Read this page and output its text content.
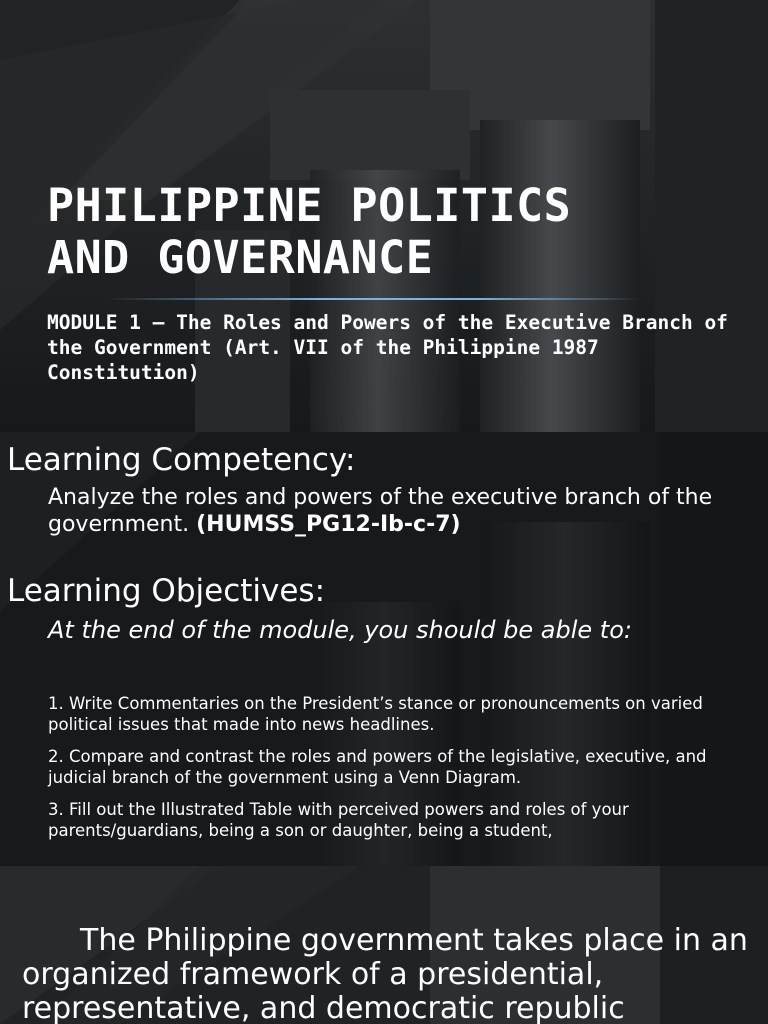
PHILIPPINE POLITICS
AND GOVERNANCE

MODULE 1 – The Roles and Powers of the Executive Branch of the Government (Art. VII of the Philippine 1987 Constitution)

Learning Competency:

Analyze the roles and powers of the executive branch of the government. (HUMSS_PG12-Ib-c-7)

Learning Objectives:

At the end of the module, you should be able to:

1. Write Commentaries on the President’s stance or pronouncements on varied political issues that made into news headlines.
2. Compare and contrast the roles and powers of the legislative, executive, and judicial branch of the government using a Venn Diagram.
3. Fill out the Illustrated Table with perceived powers and roles of your parents/guardians, being a son or daughter, being a student,

The Philippine government takes place in an organized framework of a presidential, representative, and democratic republic
